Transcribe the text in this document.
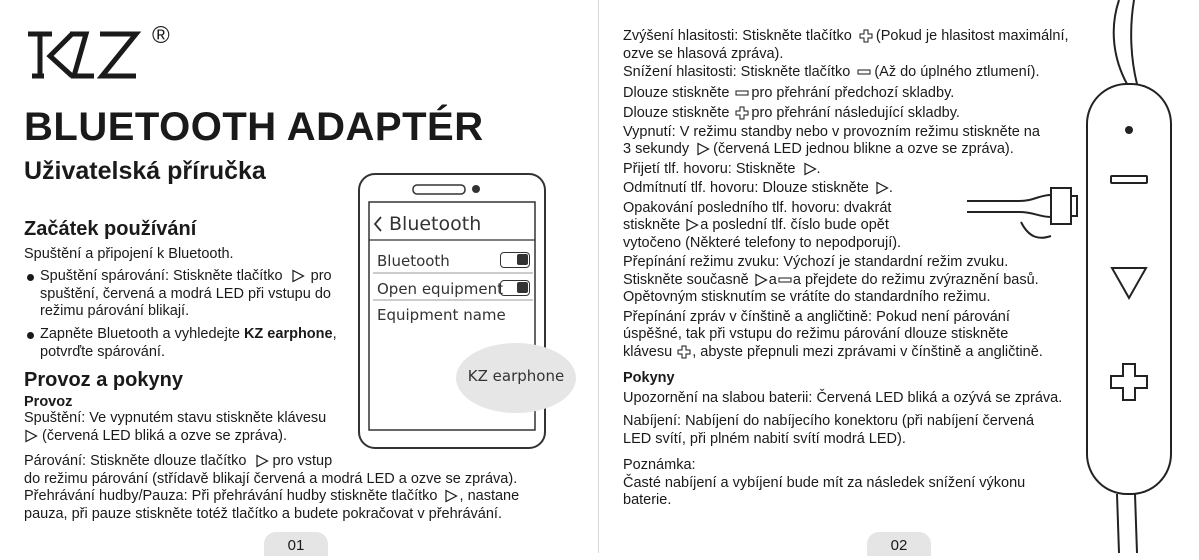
®
BLUETOOTH ADAPTÉR
Uživatelská příručka
Začátek používání
Spuštění a připojení k Bluetooth.
Spuštění spárování: Stiskněte tlačítko pro
spuštění, červená a modrá LED při vstupu do
režimu párování blikají.
Zapněte Bluetooth a vyhledejte KZ earphone,
potvrďte spárování.
Provoz a pokyny
Provoz
Spuštění: Ve vypnutém stavu stiskněte klávesu
(červená LED bliká a ozve se zpráva).
Párování: Stiskněte dlouze tlačítko pro vstup
do režimu párování (střídavě blikají červená a modrá LED a ozve se zpráva).
Přehrávání hudby/Pauza: Při přehrávání hudby stiskněte tlačítko , nastane
pauza, při pauze stiskněte totéž tlačítko a budete pokračovat v přehrávání.
Bluetooth
Bluetooth
Open equipment
Equipment name
KZ earphone
01
Zvýšení hlasitosti: Stiskněte tlačítko (Pokud je hlasitost maximální,
ozve se hlasová zpráva).
Snížení hlasitosti: Stiskněte tlačítko (Až do úplného ztlumení).
Dlouze stiskněte pro přehrání předchozí skladby.
Dlouze stiskněte pro přehrání následující skladby.
Vypnutí: V režimu standby nebo v provozním režimu stiskněte na
3 sekundy (červená LED jednou blikne a ozve se zpráva).
Přijetí tlf. hovoru: Stiskněte .
Odmítnutí tlf. hovoru: Dlouze stiskněte .
Opakování posledního tlf. hovoru: dvakrát
stiskněte a poslední tlf. číslo bude opět
vytočeno (Některé telefony to nepodporují).
Přepínání režimu zvuku: Výchozí je standardní režim zvuku.
Stiskněte současně a a přejdete do režimu zvýraznění basů.
Opětovným stisknutím se vrátíte do standardního režimu.
Přepínání zpráv v čínštině a angličtině: Pokud není párování
úspěšné, tak při vstupu do režimu párování dlouze stiskněte
klávesu , abyste přepnuli mezi zprávami v čínštině a angličtině.
Pokyny
Upozornění na slabou baterii: Červená LED bliká a ozývá se zpráva.
Nabíjení: Nabíjení do nabíjecího konektoru (při nabíjení červená
LED svítí, při plném nabití svítí modrá LED).
Poznámka:
Časté nabíjení a vybíjení bude mít za následek snížení výkonu
baterie.
02
